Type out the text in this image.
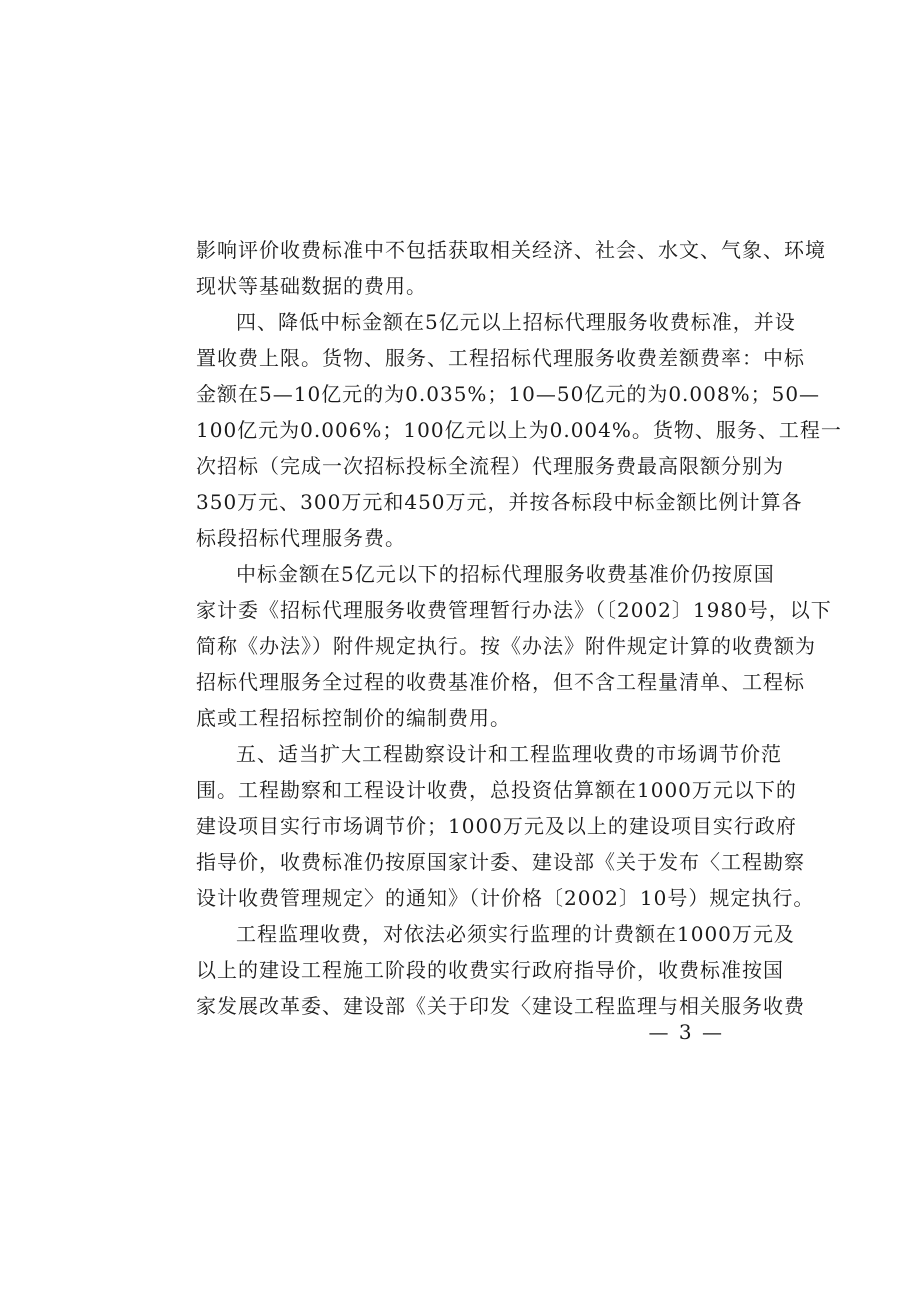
影响评价收费标准中不包括获取相关经济、社会、水文、气象、环境
现状等基础数据的费用。
四、降低中标金额在5亿元以上招标代理服务收费标准，并设
置收费上限。货物、服务、工程招标代理服务收费差额费率：中标
金额在5—10亿元的为0.035%；10—50亿元的为0.008%；50—
100亿元为0.006%；100亿元以上为0.004%。货物、服务、工程一
次招标（完成一次招标投标全流程）代理服务费最高限额分别为
350万元、300万元和450万元，并按各标段中标金额比例计算各
标段招标代理服务费。
中标金额在5亿元以下的招标代理服务收费基准价仍按原国
家计委《招标代理服务收费管理暂行办法》（〔2002〕1980号，以下
简称《办法》）附件规定执行。按《办法》附件规定计算的收费额为
招标代理服务全过程的收费基准价格，但不含工程量清单、工程标
底或工程招标控制价的编制费用。
五、适当扩大工程勘察设计和工程监理收费的市场调节价范
围。工程勘察和工程设计收费，总投资估算额在1000万元以下的
建设项目实行市场调节价；1000万元及以上的建设项目实行政府
指导价，收费标准仍按原国家计委、建设部《关于发布〈工程勘察
设计收费管理规定〉的通知》（计价格〔2002〕10号）规定执行。
工程监理收费，对依法必须实行监理的计费额在1000万元及
以上的建设工程施工阶段的收费实行政府指导价，收费标准按国
家发展改革委、建设部《关于印发〈建设工程监理与相关服务收费
— 3 —
